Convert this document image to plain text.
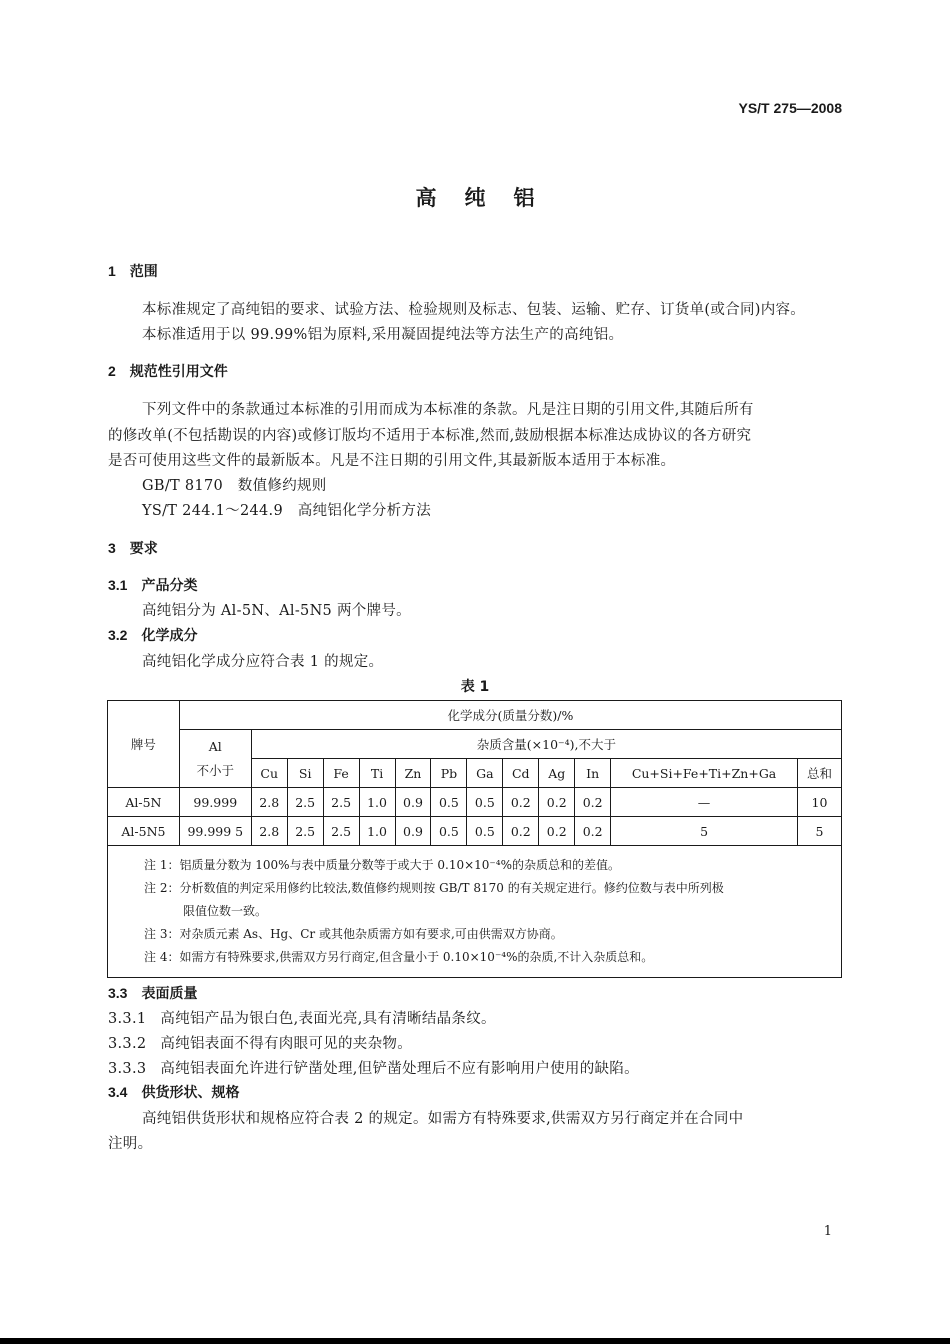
YS/T 275—2008
高纯铝
1 范围
本标准规定了高纯铝的要求、试验方法、检验规则及标志、包装、运输、贮存、订货单(或合同)内容。
本标准适用于以 99.99%铝为原料,采用凝固提纯法等方法生产的高纯铝。
2 规范性引用文件
下列文件中的条款通过本标准的引用而成为本标准的条款。凡是注日期的引用文件,其随后所有
的修改单(不包括勘误的内容)或修订版均不适用于本标准,然而,鼓励根据本标准达成协议的各方研究
是否可使用这些文件的最新版本。凡是不注日期的引用文件,其最新版本适用于本标准。
GB/T 8170　数值修约规则
YS/T 244.1～244.9　高纯铝化学分析方法
3 要求
3.1 产品分类
高纯铝分为 Al-5N、Al-5N5 两个牌号。
3.2 化学成分
高纯铝化学成分应符合表 1 的规定。
表 1
牌号	化学成分(质量分数)/%												
	Al
不小于	杂质含量(×10⁻⁴),不大于											
		Cu	Si	Fe	Ti	Zn	Pb	Ga	Cd	Ag	In	Cu+Si+Fe+Ti+Zn+Ga	总和
Al-5N	99.999	2.8	2.5	2.5	1.0	0.9	0.5	0.5	0.2	0.2	0.2	—	10
Al-5N5	99.999 5	2.8	2.5	2.5	1.0	0.9	0.5	0.5	0.2	0.2	0.2	5	5

注 1：铝质量分数为 100%与表中质量分数等于或大于 0.10×10⁻⁴%的杂质总和的差值。
注 2：分析数值的判定采用修约比较法,数值修约规则按 GB/T 8170 的有关规定进行。修约位数与表中所列极
限值位数一致。
注 3：对杂质元素 As、Hg、Cr 或其他杂质需方如有要求,可由供需双方协商。
注 4：如需方有特殊要求,供需双方另行商定,但含量小于 0.10×10⁻⁴%的杂质,不计入杂质总和。													
3.3 表面质量
3.3.1 高纯铝产品为银白色,表面光亮,具有清晰结晶条纹。
3.3.2 高纯铝表面不得有肉眼可见的夹杂物。
3.3.3 高纯铝表面允许进行铲凿处理,但铲凿处理后不应有影响用户使用的缺陷。
3.4 供货形状、规格
高纯铝供货形状和规格应符合表 2 的规定。如需方有特殊要求,供需双方另行商定并在合同中
注明。
1
